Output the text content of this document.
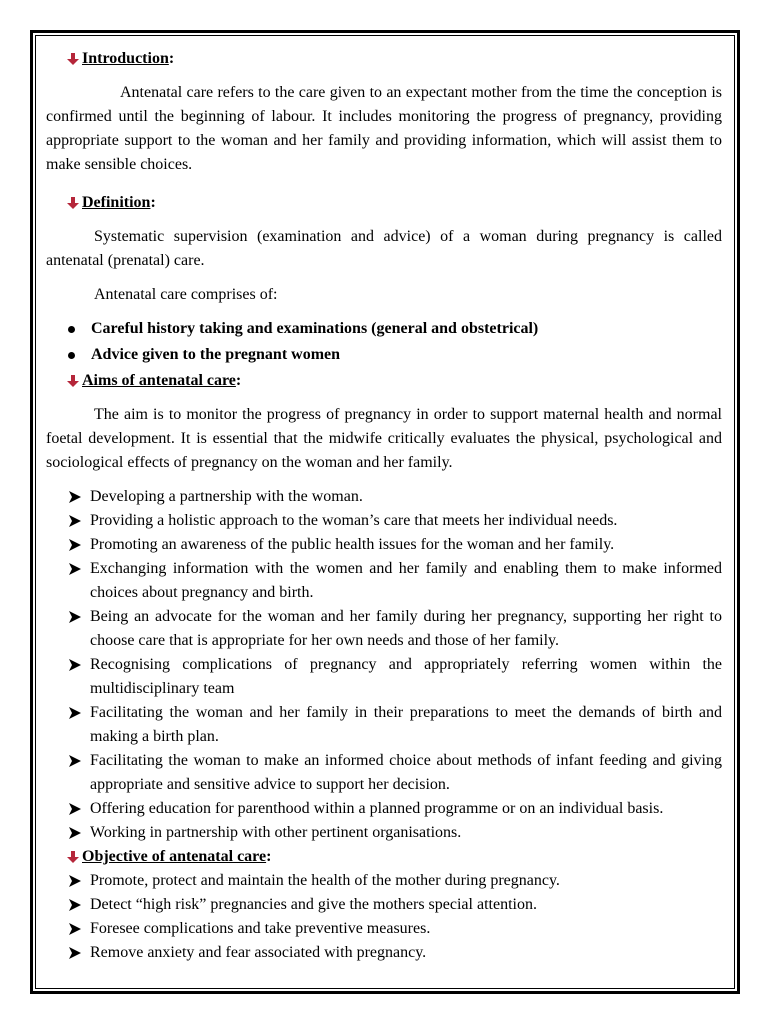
Introduction:

Antenatal care refers to the care given to an expectant mother from the time the conception is confirmed until the beginning of labour. It includes monitoring the progress of pregnancy, providing appropriate support to the woman and her family and providing information, which will assist them to make sensible choices.

Definition:

Systematic supervision (examination and advice) of a woman during pregnancy is called antenatal (prenatal) care.

Antenatal care comprises of:

Careful history taking and examinations (general and obstetrical)
Advice given to the pregnant women
Aims of antenatal care:

The aim is to monitor the progress of pregnancy in order to support maternal health and normal foetal development. It is essential that the midwife critically evaluates the physical, psychological and sociological effects of pregnancy on the woman and her family.

Developing a partnership with the woman.
Providing a holistic approach to the woman’s care that meets her individual needs.
Promoting an awareness of the public health issues for the woman and her family.
Exchanging information with the women and her family and enabling them to make informed choices about pregnancy and birth.
Being an advocate for the woman and her family during her pregnancy, supporting her right to choose care that is appropriate for her own needs and those of her family.
Recognising complications of pregnancy and appropriately referring women within the multidisciplinary team
Facilitating the woman and her family in their preparations to meet the demands of birth and making a birth plan.
Facilitating the woman to make an informed choice about methods of infant feeding and giving appropriate and sensitive advice to support her decision.
Offering education for parenthood within a planned programme or on an individual basis.
Working in partnership with other pertinent organisations.
Objective of antenatal care:
Promote, protect and maintain the health of the mother during pregnancy.
Detect “high risk” pregnancies and give the mothers special attention.
Foresee complications and take preventive measures.
Remove anxiety and fear associated with pregnancy.
